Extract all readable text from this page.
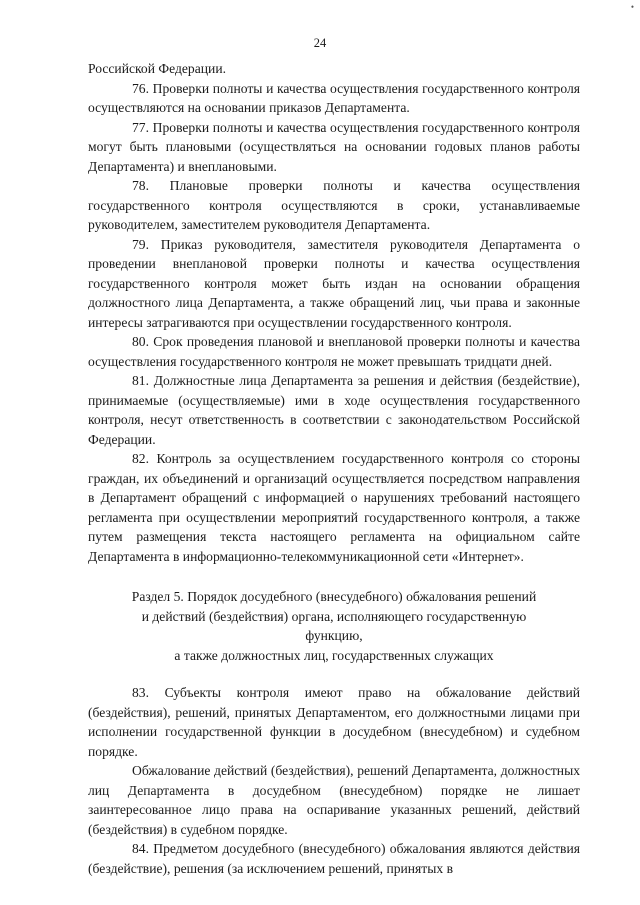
•
24

Российской Федерации.

76. Проверки полноты и качества осуществления государственного контроля осуществляются на основании приказов Департамента.

77. Проверки полноты и качества осуществления государственного контроля могут быть плановыми (осуществляться на основании годовых планов работы Департамента) и внеплановыми.

78. Плановые проверки полноты и качества осуществления государственного контроля осуществляются в сроки, устанавливаемые руководителем, заместителем руководителя Департамента.

79. Приказ руководителя, заместителя руководителя Департамента о проведении внеплановой проверки полноты и качества осуществления государственного контроля может быть издан на основании обращения должностного лица Департамента, а также обращений лиц, чьи права и законные интересы затрагиваются при осуществлении государственного контроля.

80. Срок проведения плановой и внеплановой проверки полноты и качества осуществления государственного контроля не может превышать тридцати дней.

81. Должностные лица Департамента за решения и действия (бездействие), принимаемые (осуществляемые) ими в ходе осуществления государственного контроля, несут ответственность в соответствии с законодательством Российской Федерации.

82. Контроль за осуществлением государственного контроля со стороны граждан, их объединений и организаций осуществляется посредством направления в Департамент обращений с информацией о нарушениях требований настоящего регламента при осуществлении мероприятий государственного контроля, а также путем размещения текста настоящего регламента на официальном сайте Департамента в информационно-телекоммуникационной сети «Интернет».

Раздел 5. Порядок досудебного (внесудебного) обжалования решений
и действий (бездействия) органа, исполняющего государственную
функцию,
а также должностных лиц, государственных служащих

83. Субъекты контроля имеют право на обжалование действий (бездействия), решений, принятых Департаментом, его должностными лицами при исполнении государственной функции в досудебном (внесудебном) и судебном порядке.

Обжалование действий (бездействия), решений Департамента, должностных лиц Департамента в досудебном (внесудебном) порядке не лишает заинтересованное лицо права на оспаривание указанных решений, действий (бездействия) в судебном порядке.

84. Предметом досудебного (внесудебного) обжалования являются действия (бездействие), решения (за исключением решений, принятых в
